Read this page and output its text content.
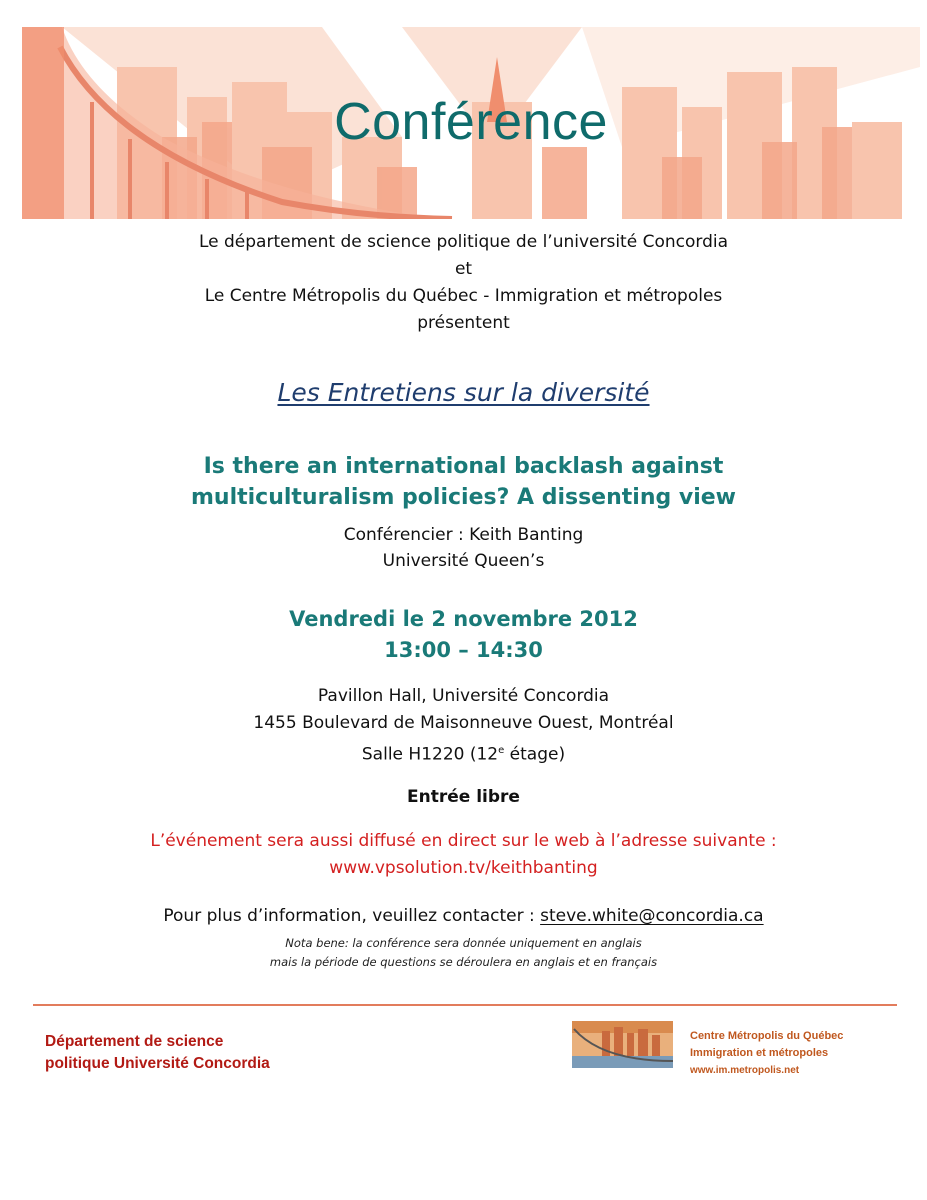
Conférence
Le département de science politique de l’université Concordia
et
Le Centre Métropolis du Québec - Immigration et métropoles
présentent
Les Entretiens sur la diversité
Is there an international backlash against
multiculturalism policies? A dissenting view
Conférencier : Keith Banting
Université Queen’s
Vendredi le 2 novembre 2012
13:00 – 14:30
Pavillon Hall, Université Concordia
1455 Boulevard de Maisonneuve Ouest, Montréal
Salle H1220 (12e étage)
Entrée libre
L’événement sera aussi diffusé en direct sur le web à l’adresse suivante :
www.vpsolution.tv/keithbanting
Pour plus d’information, veuillez contacter : steve.white@concordia.ca
Nota bene: la conférence sera donnée uniquement en anglais
mais la période de questions se déroulera en anglais et en français
Département de science
politique Université Concordia
Centre Métropolis du Québec
Immigration et métropoles
www.im.metropolis.net
